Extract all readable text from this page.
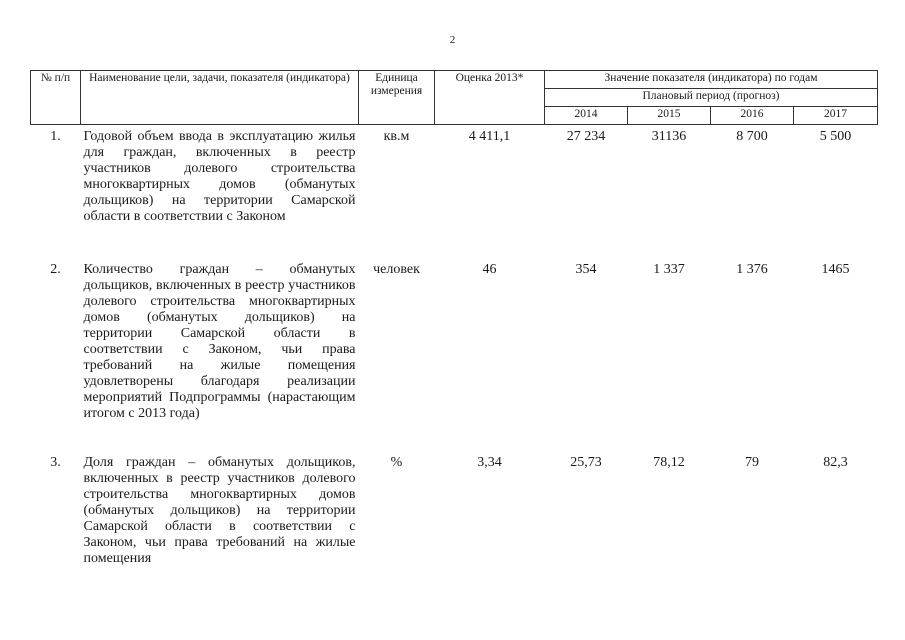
2
№ п/п	Наименование цели, задачи, показателя (индикатора)	Единица измерения	Оценка 2013*	Значение показателя (индикатора) по годам			
				Плановый период (прогноз)			
				2014	2015	2016	2017
1.	Годовой объем ввода в эксплуатацию жилья для граждан, включенных в реестр участников долевого строительства многоквартирных домов (обманутых дольщиков) на территории Самарской области в соответствии с Законом	кв.м	4 411,1	27 234	31136	8 700	5 500
2.	Количество граждан – обманутых дольщиков, включенных в реестр участников долевого строительства многоквартирных домов (обманутых дольщиков) на территории Самарской области в соответствии с Законом, чьи права требований на жилые помещения удовлетворены благодаря реализации мероприятий Подпрограммы (нарастающим итогом с 2013 года)	человек	46	354	1 337	1 376	1465
3.	Доля граждан – обманутых дольщиков, включенных в реестр участников долевого строительства многоквартирных домов (обманутых дольщиков) на территории Самарской области в соответствии с Законом, чьи права требований на жилые помещения	%	3,34	25,73	78,12	79	82,3
